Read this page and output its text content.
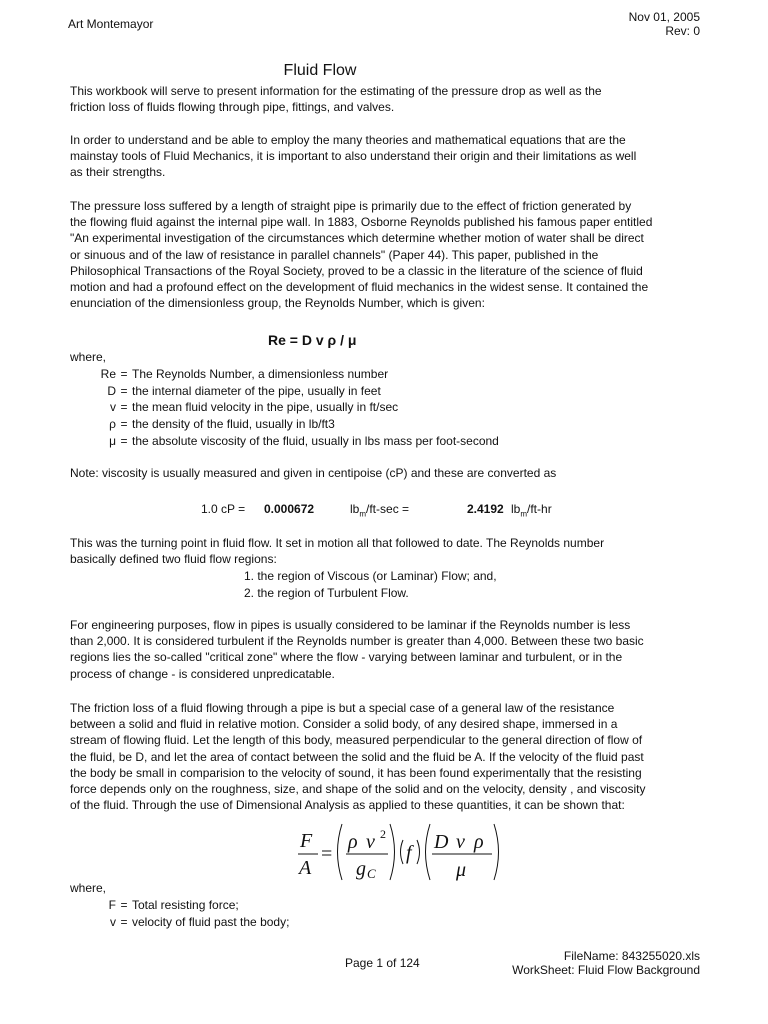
Art Montemayor	Nov 01, 2005
Rev: 0
Fluid Flow
This workbook will serve to present information for the estimating of the pressure drop as well as the
friction loss of fluids flowing through pipe, fittings, and valves.
In order to understand and be able to employ the many theories and mathematical equations that are the
mainstay tools of Fluid Mechanics, it is important to also understand their origin and their limitations as well
as their strengths.
The pressure loss suffered by a length of straight pipe is primarily due to the effect of friction generated by
the flowing fluid against the internal pipe wall. In 1883, Osborne Reynolds published his famous paper entitled
"An experimental investigation of the circumstances which determine whether motion of water shall be direct
or sinuous and of the law of resistance in parallel channels" (Paper 44). This paper, published in the
Philosophical Transactions of the Royal Society, proved to be a classic in the literature of the science of fluid
motion and had a profound effect on the development of fluid mechanics in the widest sense. It contained the
enunciation of the dimensionless group, the Reynolds Number, which is given:
Re = D v ρ / μ
where,
Re = The Reynolds Number, a dimensionless number
D = the internal diameter of the pipe, usually in feet
v = the mean fluid velocity in the pipe, usually in ft/sec
ρ = the density of the fluid, usually in lb/ft3
μ = the absolute viscosity of the fluid, usually in lbs mass per foot-second
Note: viscosity is usually measured and given in centipoise (cP) and these are converted as
1.0 cP = 0.000672	$lb_m/ft-\sec$ =	2.4192 $lb_m/ft-hr$
This was the turning point in fluid flow. It set in motion all that followed to date. The Reynolds number
basically defined two fluid flow regions:
1. the region of Viscous (or Laminar) Flow; and,
2. the region of Turbulent Flow.
For engineering purposes, flow in pipes is usually considered to be laminar if the Reynolds number is less
than 2,000. It is considered turbulent if the Reynolds number is greater than 4,000. Between these two basic
regions lies the so-called "critical zone" where the flow - varying between laminar and turbulent, or in the
process of change - is considered unpredicatable.
The friction loss of a fluid flowing through a pipe is but a special case of a general law of the resistance
between a solid and fluid in relative motion. Consider a solid body, of any desired shape, immersed in a
stream of flowing fluid. Let the length of this body, measured perpendicular to the general direction of flow of
the fluid, be D, and let the area of contact between the solid and the fluid be A. If the velocity of the fluid past
the body be small in comparision to the velocity of sound, it has been found experimentally that the resisting
force depends only on the roughness, size, and shape of the solid and on the velocity, density , and viscosity
of the fluid. Through the use of Dimensional Analysis as applied to these quantities, it can be shown that:
F
A
=
ρ v 2
g C
f D v ρ
μ
where,
F = Total resisting force;
v = velocity of fluid past the body;
Page 1 of 124	FileName: 843255020.xls
WorkSheet: Fluid Flow Background
